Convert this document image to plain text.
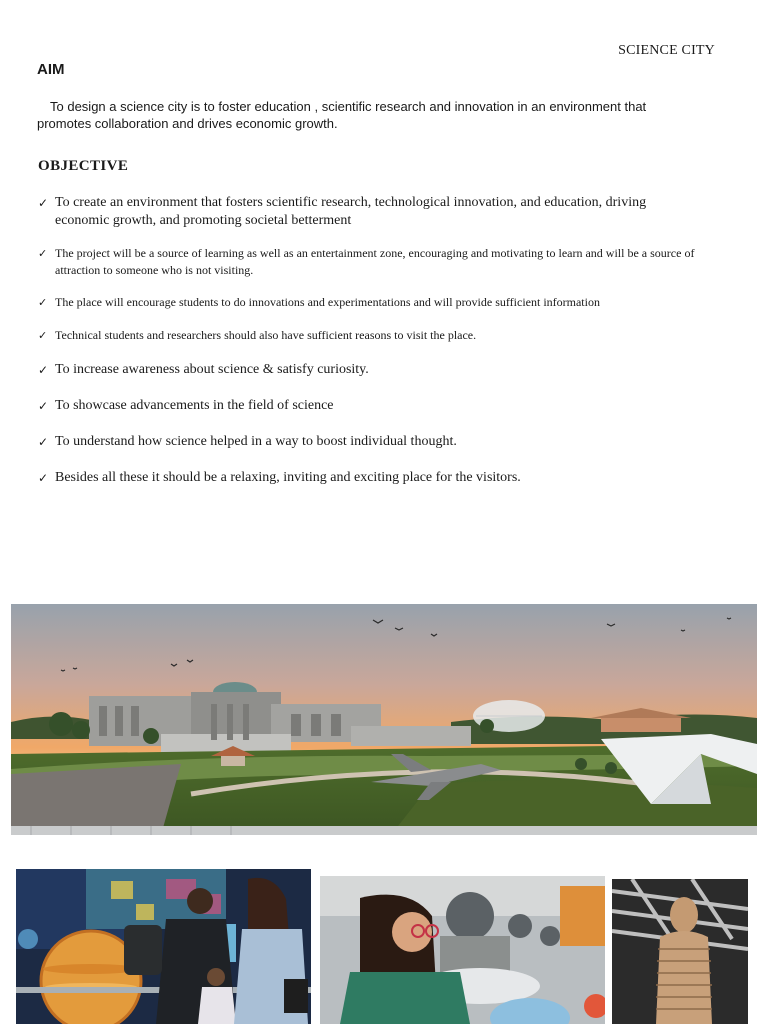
SCIENCE CITY
AIM
To design a science city is to foster education , scientific research and innovation in an environment that promotes collaboration and drives economic growth.
OBJECTIVE
✓ To create an environment that fosters scientific research, technological innovation, and education, driving economic growth, and promoting societal betterment
✓ The project will be a source of learning as well as an entertainment zone, encouraging and motivating to learn and will be a source of attraction to someone who is not visiting.
✓ The place will encourage students to do innovations and experimentations and will provide sufficient information
✓ Technical students and researchers should also have sufficient reasons to visit the place.
✓ To increase awareness about science & satisfy curiosity.
✓ To showcase advancements in the field of science
✓ To understand how science helped in a way to boost individual thought.
✓ Besides all these it should be a relaxing, inviting and exciting place for the visitors.
